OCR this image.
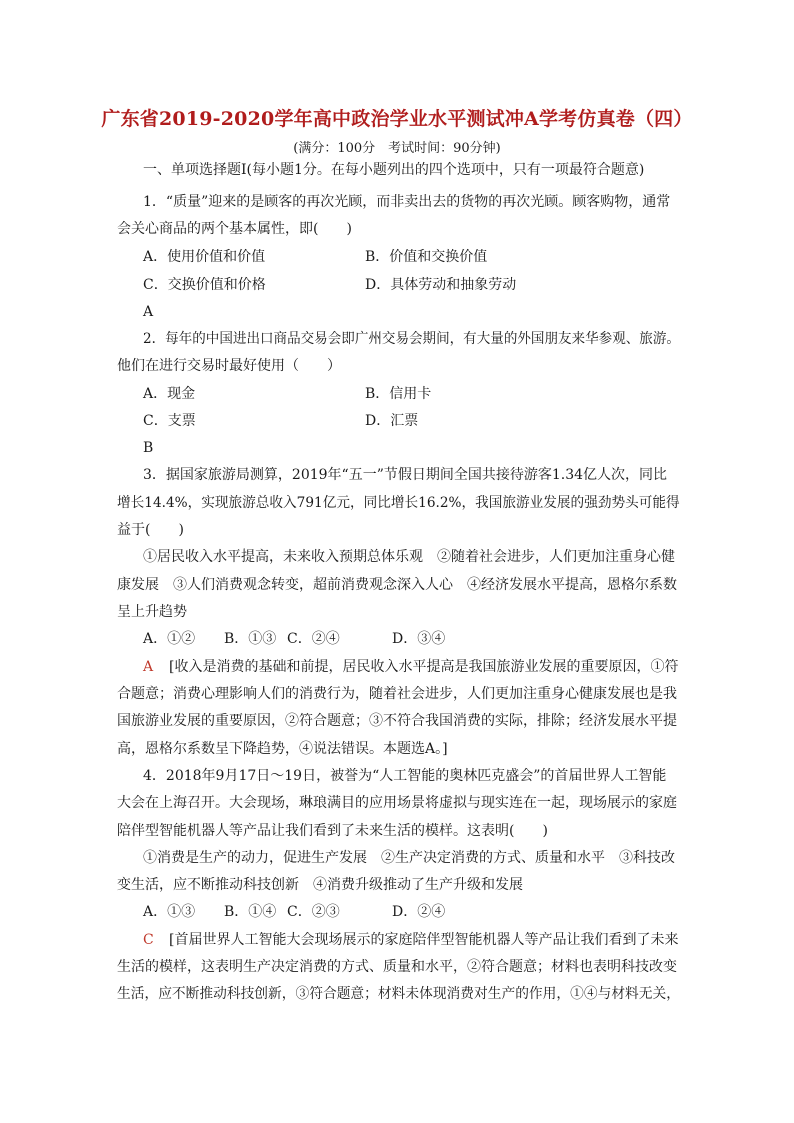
广东省2019-2020学年高中政治学业水平测试冲A学考仿真卷（四）
(满分：100分　考试时间：90分钟)
一、单项选择题Ⅰ(每小题1分。在每小题列出的四个选项中，只有一项最符合题意)
1．“质量”迎来的是顾客的再次光顾，而非卖出去的货物的再次光顾。顾客购物，通常
会关心商品的两个基本属性，即(　　)
A．使用价值和价值	B．价值和交换价值
C．交换价值和价格	D．具体劳动和抽象劳动
A
2．每年的中国进出口商品交易会即广州交易会期间，有大量的外国朋友来华参观、旅游。
他们在进行交易时最好使用（　　）
A．现金	B．信用卡
C．支票	D．汇票
B
3．据国家旅游局测算，2019年“五一”节假日期间全国共接待游客1.34亿人次，同比
增长14.4%，实现旅游总收入791亿元，同比增长16.2%，我国旅游业发展的强劲势头可能得
益于(　　)
①居民收入水平提高，未来收入预期总体乐观　②随着社会进步，人们更加注重身心健
康发展　③人们消费观念转变，超前消费观念深入人心　④经济发展水平提高，恩格尔系数
呈上升趋势
A．①② B．①③ C．②④	D．③④
A [收入是消费的基础和前提，居民收入水平提高是我国旅游业发展的重要原因，①符
合题意；消费心理影响人们的消费行为，随着社会进步，人们更加注重身心健康发展也是我
国旅游业发展的重要原因，②符合题意；③不符合我国消费的实际，排除；经济发展水平提
高，恩格尔系数呈下降趋势，④说法错误。本题选A。]
4．2018年9月17日～19日，被誉为“人工智能的奥林匹克盛会”的首届世界人工智能
大会在上海召开。大会现场，琳琅满目的应用场景将虚拟与现实连在一起，现场展示的家庭
陪伴型智能机器人等产品让我们看到了未来生活的模样。这表明(　　)
①消费是生产的动力，促进生产发展　②生产决定消费的方式、质量和水平　③科技改
变生活，应不断推动科技创新　④消费升级推动了生产升级和发展
A．①③ B．①④ C．②③	D．②④
C [首届世界人工智能大会现场展示的家庭陪伴型智能机器人等产品让我们看到了未来
生活的模样，这表明生产决定消费的方式、质量和水平，②符合题意；材料也表明科技改变
生活，应不断推动科技创新，③符合题意；材料未体现消费对生产的作用，①④与材料无关，
